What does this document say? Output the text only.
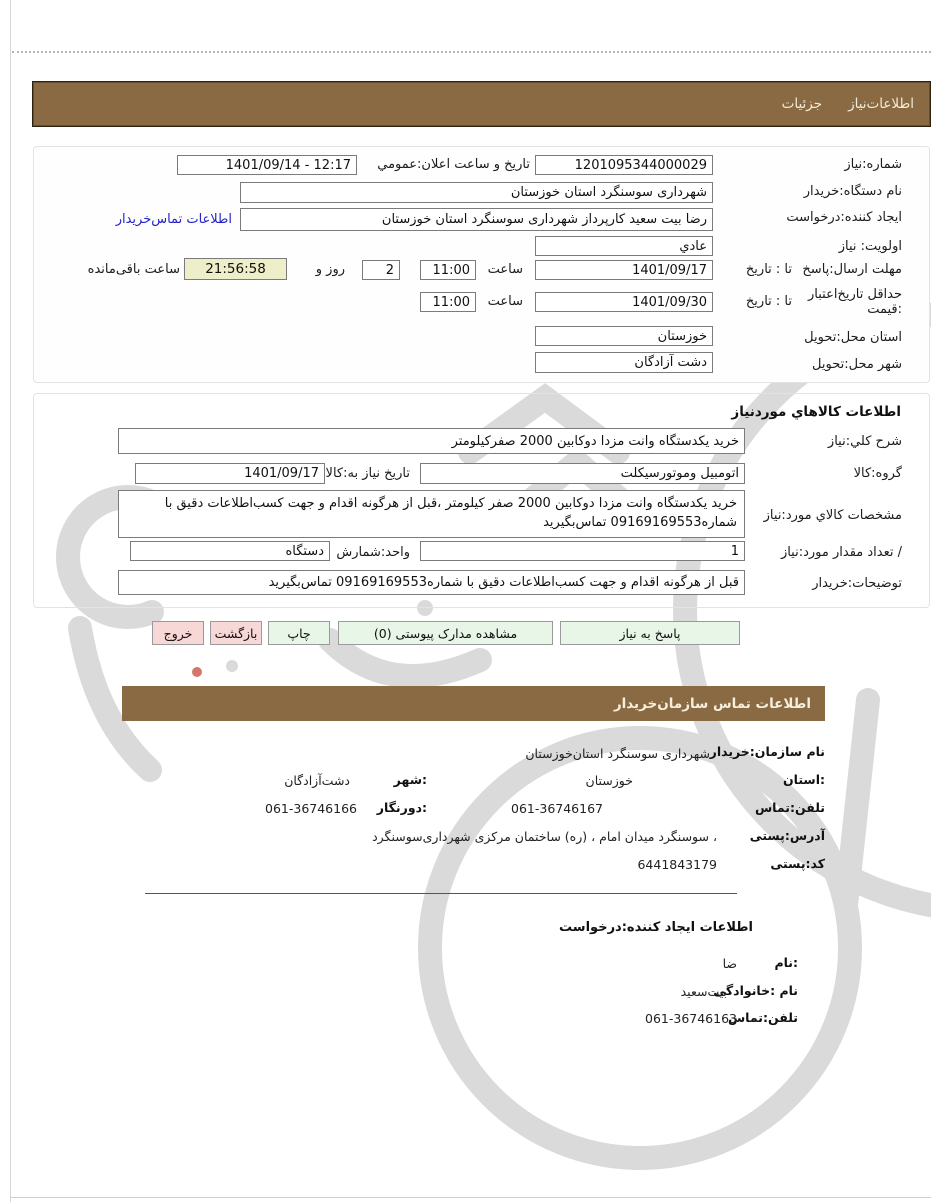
اطلاعات‌نیاز
جزئیات
شماره:نیاز
1201095344000029
تاریخ و ساعت اعلان:عمومي
12:17 - 1401/09/14
نام دستگاه:خریدار
شهرداری سوسنگرد استان خوزستان
ایجاد کننده:درخواست
رضا بیت سعید کارپرداز شهرداری سوسنگرد استان خوزستان
اطلاعات تماس‌خریدار
اولویت: نیاز
عادي
مهلت ارسال:پاسخ
تا : تاریخ
1401/09/17
ساعت
11:00
2
روز و
21:56:58
ساعت باقی‌مانده
حداقل تاریخ‌اعتبار
:قیمت
تا : تاریخ
1401/09/30
ساعت
11:00
استان محل:تحویل
خوزستان
شهر محل:تحویل
دشت آزادگان
اطلاعات کالاهاي موردنیاز
شرح کلي:نیاز
خرید یکدستگاه وانت مزدا دوکابین 2000 صفرکیلومتر
گروه:کالا
اتومبیل وموتورسیکلت
تاریخ نیاز به:کالا
1401/09/17
مشخصات کالاي مورد:نیاز
خرید یکدستگاه وانت مزدا دوکابین 2000 صفر کیلومتر ،قبل از هرگونه اقدام و جهت کسب‌اطلاعات دقیق با شماره09169169553 تماس‌بگیرید
/ تعداد مقدار مورد:نیاز
1
واحد:شمارش
دستگاه
توضیحات:خریدار
قبل از هرگونه اقدام و جهت کسب‌اطلاعات دقیق با شماره09169169553 تماس‌بگیرید
پاسخ به نیاز
مشاهده مدارک پیوستی (0)
چاپ
بازگشت
خروج
اطلاعات تماس سازمان‌خریدار
نام سازمان:خریدار
شهرداری سوسنگرد استان‌خوزستان
:استان
خوزستان
:شهر
دشت‌آزادگان
تلفن:تماس
061-36746167
:دورنگار
061-36746166
آدرس:پستی
، سوسنگرد میدان امام ، (ره) ساختمان مرکزی شهرداری‌سوسنگرد
کد:پستی
6441843179
اطلاعات ایجاد کننده:درخواست
:نام
ضا
نام :خانوادگی
بیت‌سعید
تلفن:تماس
061-36746163
